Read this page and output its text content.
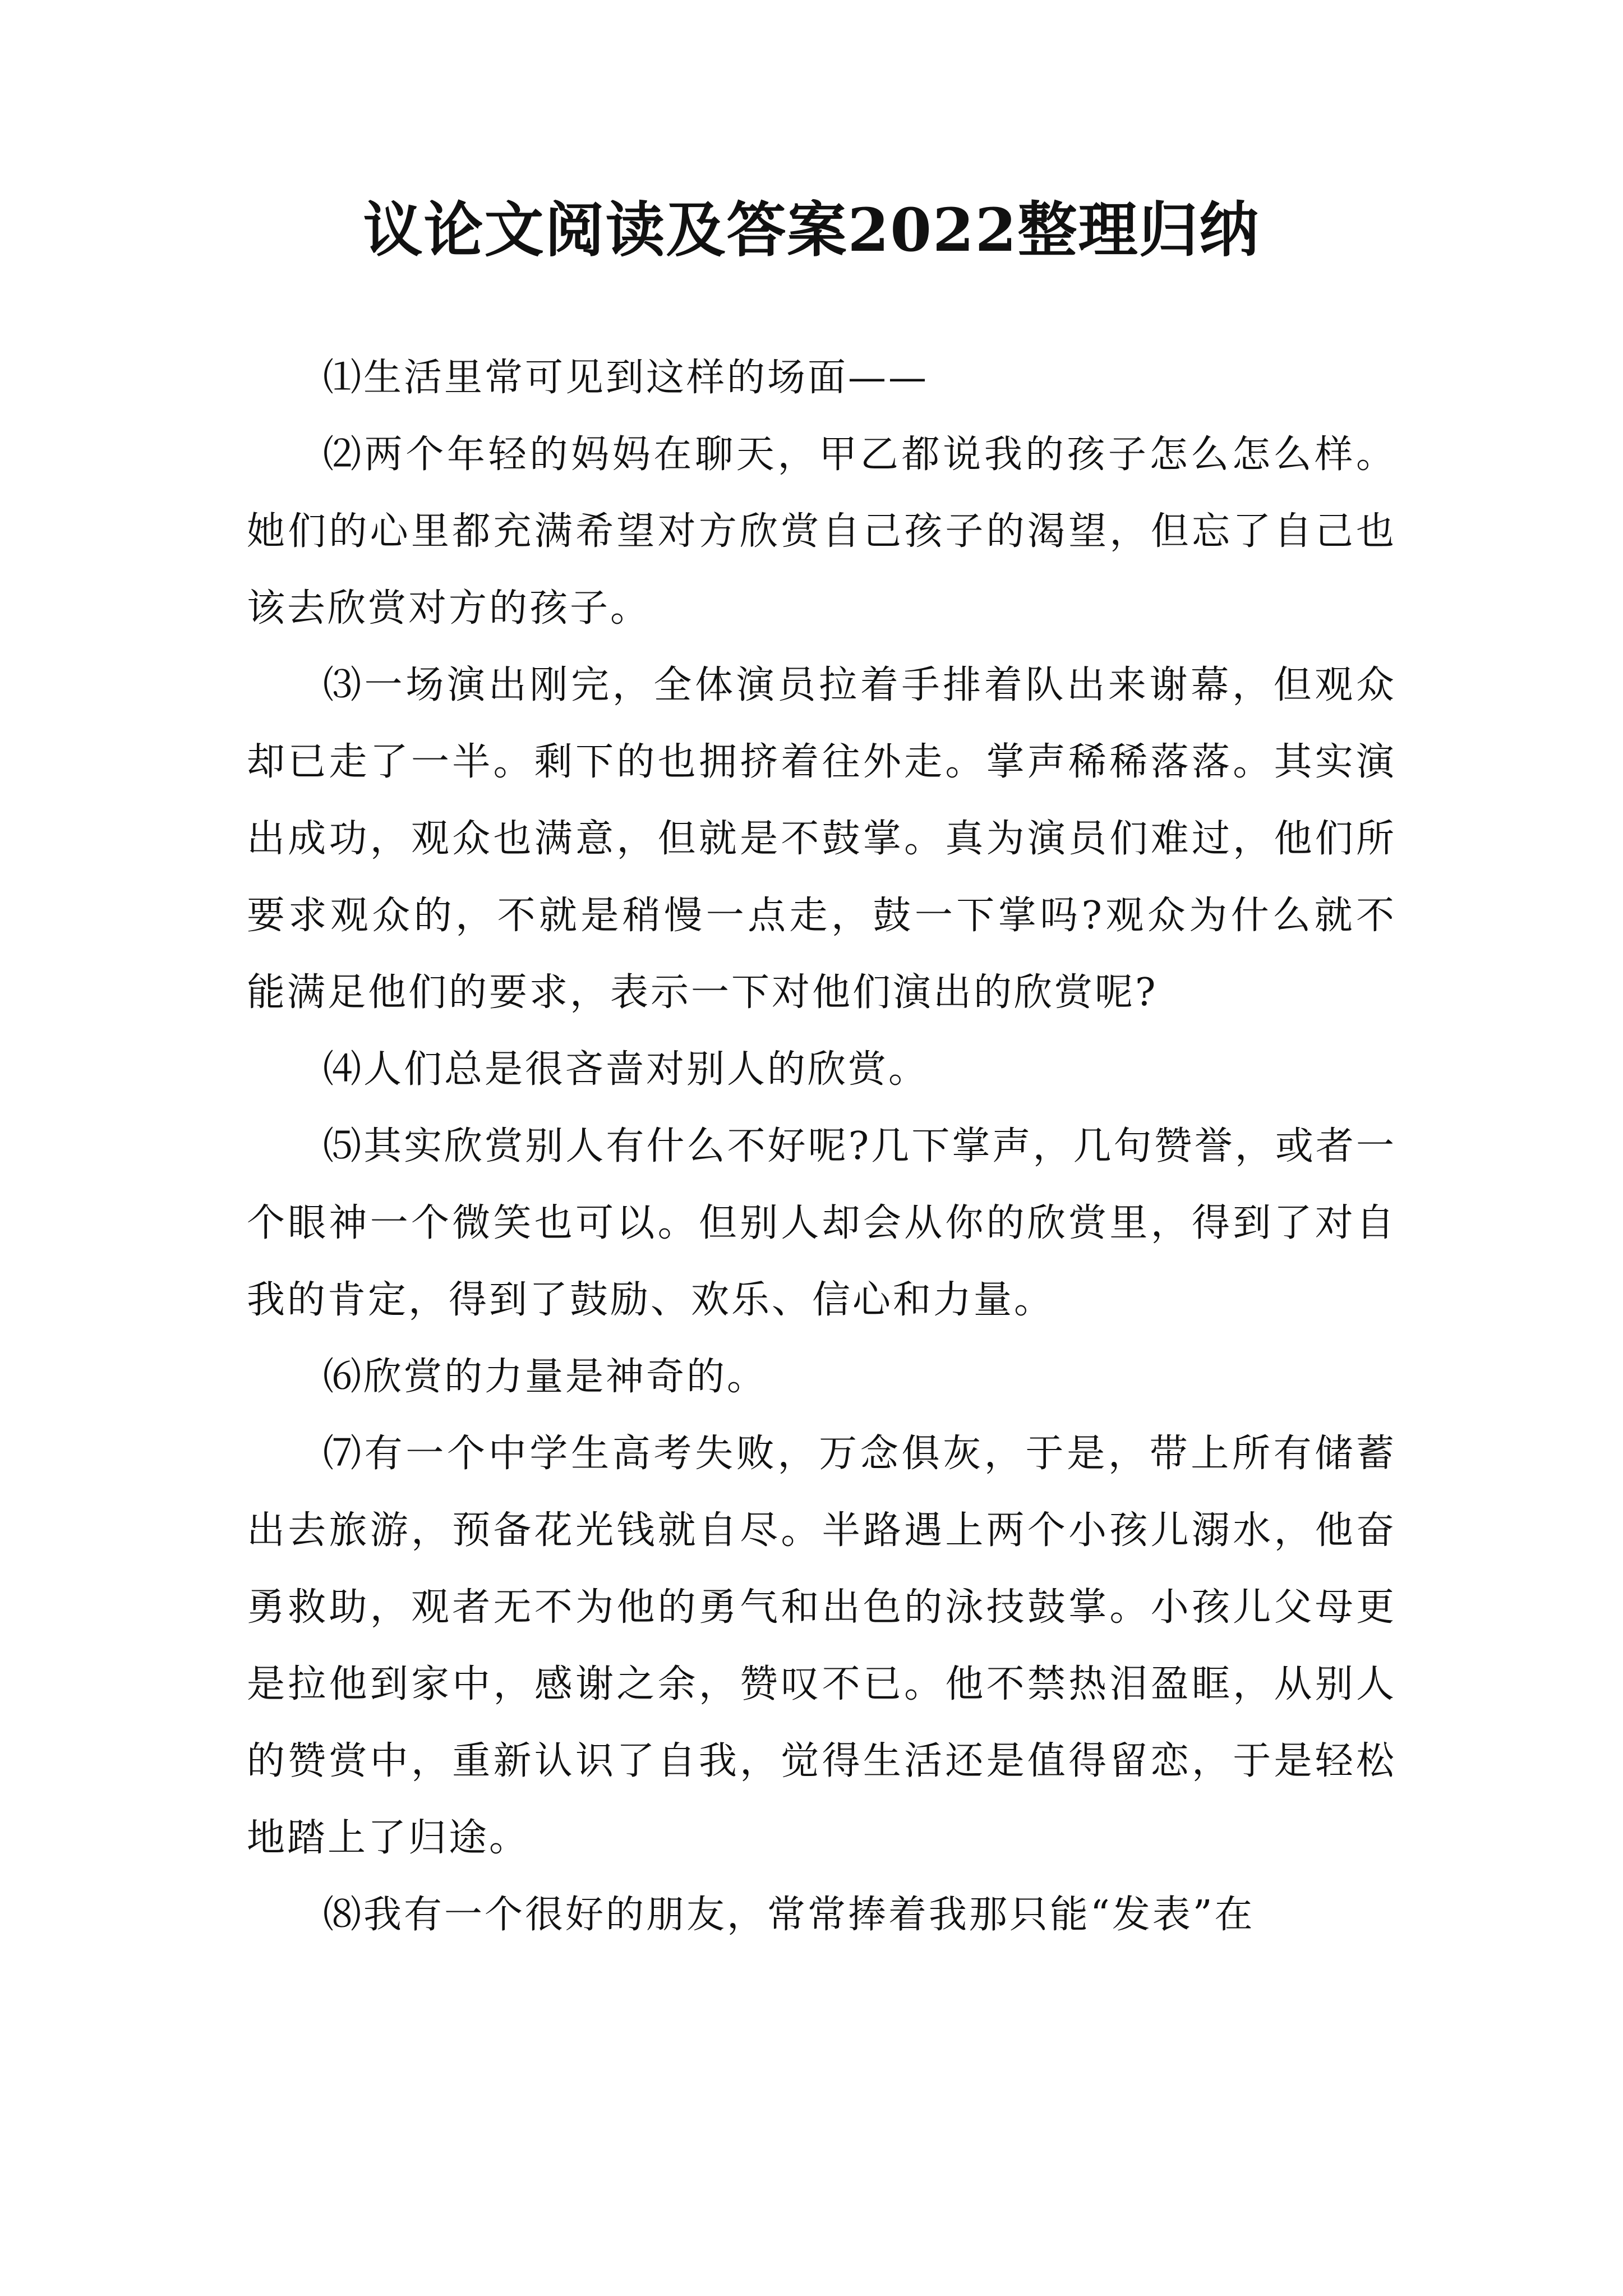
议论文阅读及答案2022整理归纳

⑴生活里常可见到这样的场面——

⑵两个年轻的妈妈在聊天，甲乙都说我的孩子怎么怎么样。她们的心里都充满希望对方欣赏自己孩子的渴望，但忘了自己也该去欣赏对方的孩子。

⑶一场演出刚完，全体演员拉着手排着队出来谢幕，但观众却已走了一半。剩下的也拥挤着往外走。掌声稀稀落落。其实演出成功，观众也满意，但就是不鼓掌。真为演员们难过，他们所要求观众的，不就是稍慢一点走，鼓一下掌吗?观众为什么就不能满足他们的要求，表示一下对他们演出的欣赏呢?

⑷人们总是很吝啬对别人的欣赏。

⑸其实欣赏别人有什么不好呢?几下掌声，几句赞誉，或者一个眼神一个微笑也可以。但别人却会从你的欣赏里，得到了对自我的肯定，得到了鼓励、欢乐、信心和力量。

⑹欣赏的力量是神奇的。

⑺有一个中学生高考失败，万念俱灰，于是，带上所有储蓄出去旅游，预备花光钱就自尽。半路遇上两个小孩儿溺水，他奋勇救助，观者无不为他的勇气和出色的泳技鼓掌。小孩儿父母更是拉他到家中，感谢之余，赞叹不已。他不禁热泪盈眶，从别人的赞赏中，重新认识了自我，觉得生活还是值得留恋，于是轻松地踏上了归途。

⑻我有一个很好的朋友，常常捧着我那只能“发表”在
